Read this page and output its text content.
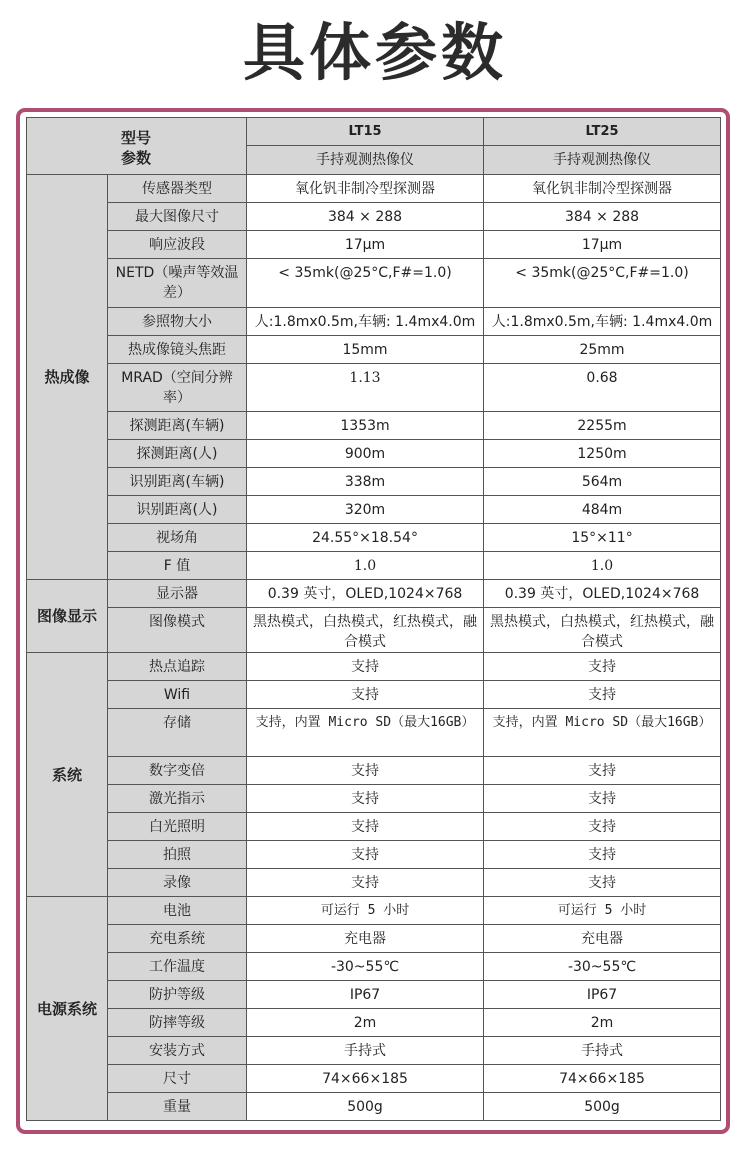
具体参数
型号
参数		LT15	LT25
		手持观测热像仪	手持观测热像仪
热成像	传感器类型	氧化钒非制冷型探测器	氧化钒非制冷型探测器
	最大图像尺寸	384 × 288	384 × 288
	响应波段	17μm	17μm
	NETD（噪声等效温差）	< 35mk(@25°C,F#=1.0)	< 35mk(@25°C,F#=1.0)
	参照物大小	人:1.8mx0.5m,车辆: 1.4mx4.0m	人:1.8mx0.5m,车辆: 1.4mx4.0m
	热成像镜头焦距	15mm	25mm
	MRAD（空间分辨率）	1.13	0.68
	探测距离(车辆)	1353m	2255m
	探测距离(人)	900m	1250m
	识别距离(车辆)	338m	564m
	识别距离(人)	320m	484m
	视场角	24.55°×18.54°	15°×11°
	F 值	1.0	1.0
图像显示	显示器	0.39 英寸，OLED,1024×768	0.39 英寸，OLED,1024×768
	图像模式	黑热模式，白热模式，红热模式，融合模式	黑热模式，白热模式，红热模式，融合模式
系统	热点追踪	支持	支持
	Wifi	支持	支持
	存储	支持，内置 Micro SD（最大16GB）	支持，内置 Micro SD（最大16GB）
	数字变倍	支持	支持
	激光指示	支持	支持
	白光照明	支持	支持
	拍照	支持	支持
	录像	支持	支持
电源系统	电池	可运行 5 小时	可运行 5 小时
	充电系统	充电器	充电器
	工作温度	-30~55℃	-30~55℃
	防护等级	IP67	IP67
	防摔等级	2m	2m
	安装方式	手持式	手持式
	尺寸	74×66×185	74×66×185
	重量	500g	500g
